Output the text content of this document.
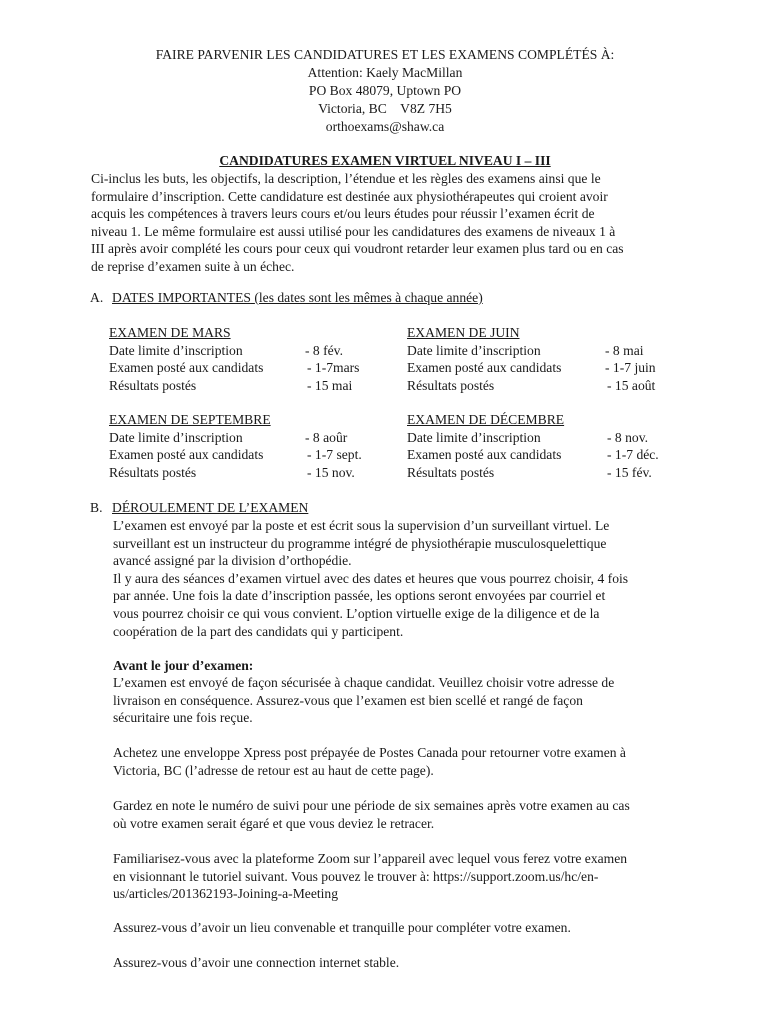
FAIRE PARVENIR LES CANDIDATURES ET LES EXAMENS COMPLÉTÉS À:
Attention: Kaely MacMillan
PO Box 48079, Uptown PO
Victoria, BC    V8Z 7H5
orthoexams@shaw.ca
CANDIDATURES EXAMEN VIRTUEL NIVEAU I – III

Ci-inclus les buts, les objectifs, la description, l’étendue et les règles des examens ainsi que le

formulaire d’inscription. Cette candidature est destinée aux physiothérapeutes qui croient avoir

acquis les compétences à travers leurs cours et/ou leurs études pour réussir l’examen écrit de

niveau 1. Le même formulaire est aussi utilisé pour les candidatures des examens de niveaux 1 à

III après avoir complété les cours pour ceux qui voudront retarder leur examen plus tard ou en cas

de reprise d’examen suite à un échec.

A. DATES IMPORTANTES (les dates sont les mêmes à chaque année)
EXAMEN DE MARS
Date limite d’inscription	- 8 fév.
Examen posté aux candidats	- 1-7mars
Résultats postés	- 15 mai
EXAMEN DE JUIN
Date limite d’inscription	- 8 mai
Examen posté aux candidats	- 1-7 juin
Résultats postés	- 15 août
EXAMEN DE SEPTEMBRE
Date limite d’inscription	- 8 aoûr
Examen posté aux candidats	- 1-7 sept.
Résultats postés	- 15 nov.
EXAMEN DE DÉCEMBRE
Date limite d’inscription	- 8 nov.
Examen posté aux candidats	- 1-7 déc.
Résultats postés	- 15 fév.
B. DÉROULEMENT DE L’EXAMEN

L’examen est envoyé par la poste et est écrit sous la supervision d’un surveillant virtuel. Le

surveillant est un instructeur du programme intégré de physiothérapie musculosquelettique

avancé assigné par la division d’orthopédie.

Il y aura des séances d’examen virtuel avec des dates et heures que vous pourrez choisir, 4 fois

par année. Une fois la date d’inscription passée, les options seront envoyées par courriel et

vous pourrez choisir ce qui vous convient. L’option virtuelle exige de la diligence et de la

coopération de la part des candidats qui y participent.

Avant le jour d’examen:

L’examen est envoyé de façon sécurisée à chaque candidat. Veuillez choisir votre adresse de

livraison en conséquence. Assurez-vous que l’examen est bien scellé et rangé de façon

sécuritaire une fois reçue.

Achetez une enveloppe Xpress post prépayée de Postes Canada pour retourner votre examen à

Victoria, BC (l’adresse de retour est au haut de cette page).

Gardez en note le numéro de suivi pour une période de six semaines après votre examen au cas

où votre examen serait égaré et que vous deviez le retracer.

Familiarisez-vous avec la plateforme Zoom sur l’appareil avec lequel vous ferez votre examen

en visionnant le tutoriel suivant. Vous pouvez le trouver à: https://support.zoom.us/hc/en-

us/articles/201362193-Joining-a-Meeting

Assurez-vous d’avoir un lieu convenable et tranquille pour compléter votre examen.
Assurez-vous d’avoir une connection internet stable.
